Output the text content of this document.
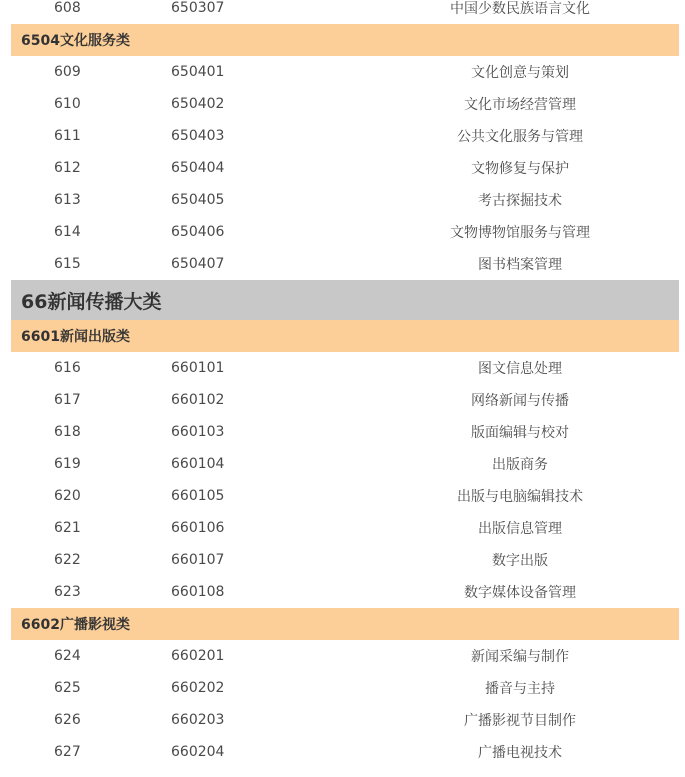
608	650307	中国少数民族语言文化
6504文化服务类
609	650401	文化创意与策划
610	650402	文化市场经营管理
611	650403	公共文化服务与管理
612	650404	文物修复与保护
613	650405	考古探掘技术
614	650406	文物博物馆服务与管理
615	650407	图书档案管理
66新闻传播大类
6601新闻出版类
616	660101	图文信息处理
617	660102	网络新闻与传播
618	660103	版面编辑与校对
619	660104	出版商务
620	660105	出版与电脑编辑技术
621	660106	出版信息管理
622	660107	数字出版
623	660108	数字媒体设备管理
6602广播影视类
624	660201	新闻采编与制作
625	660202	播音与主持
626	660203	广播影视节目制作
627	660204	广播电视技术
